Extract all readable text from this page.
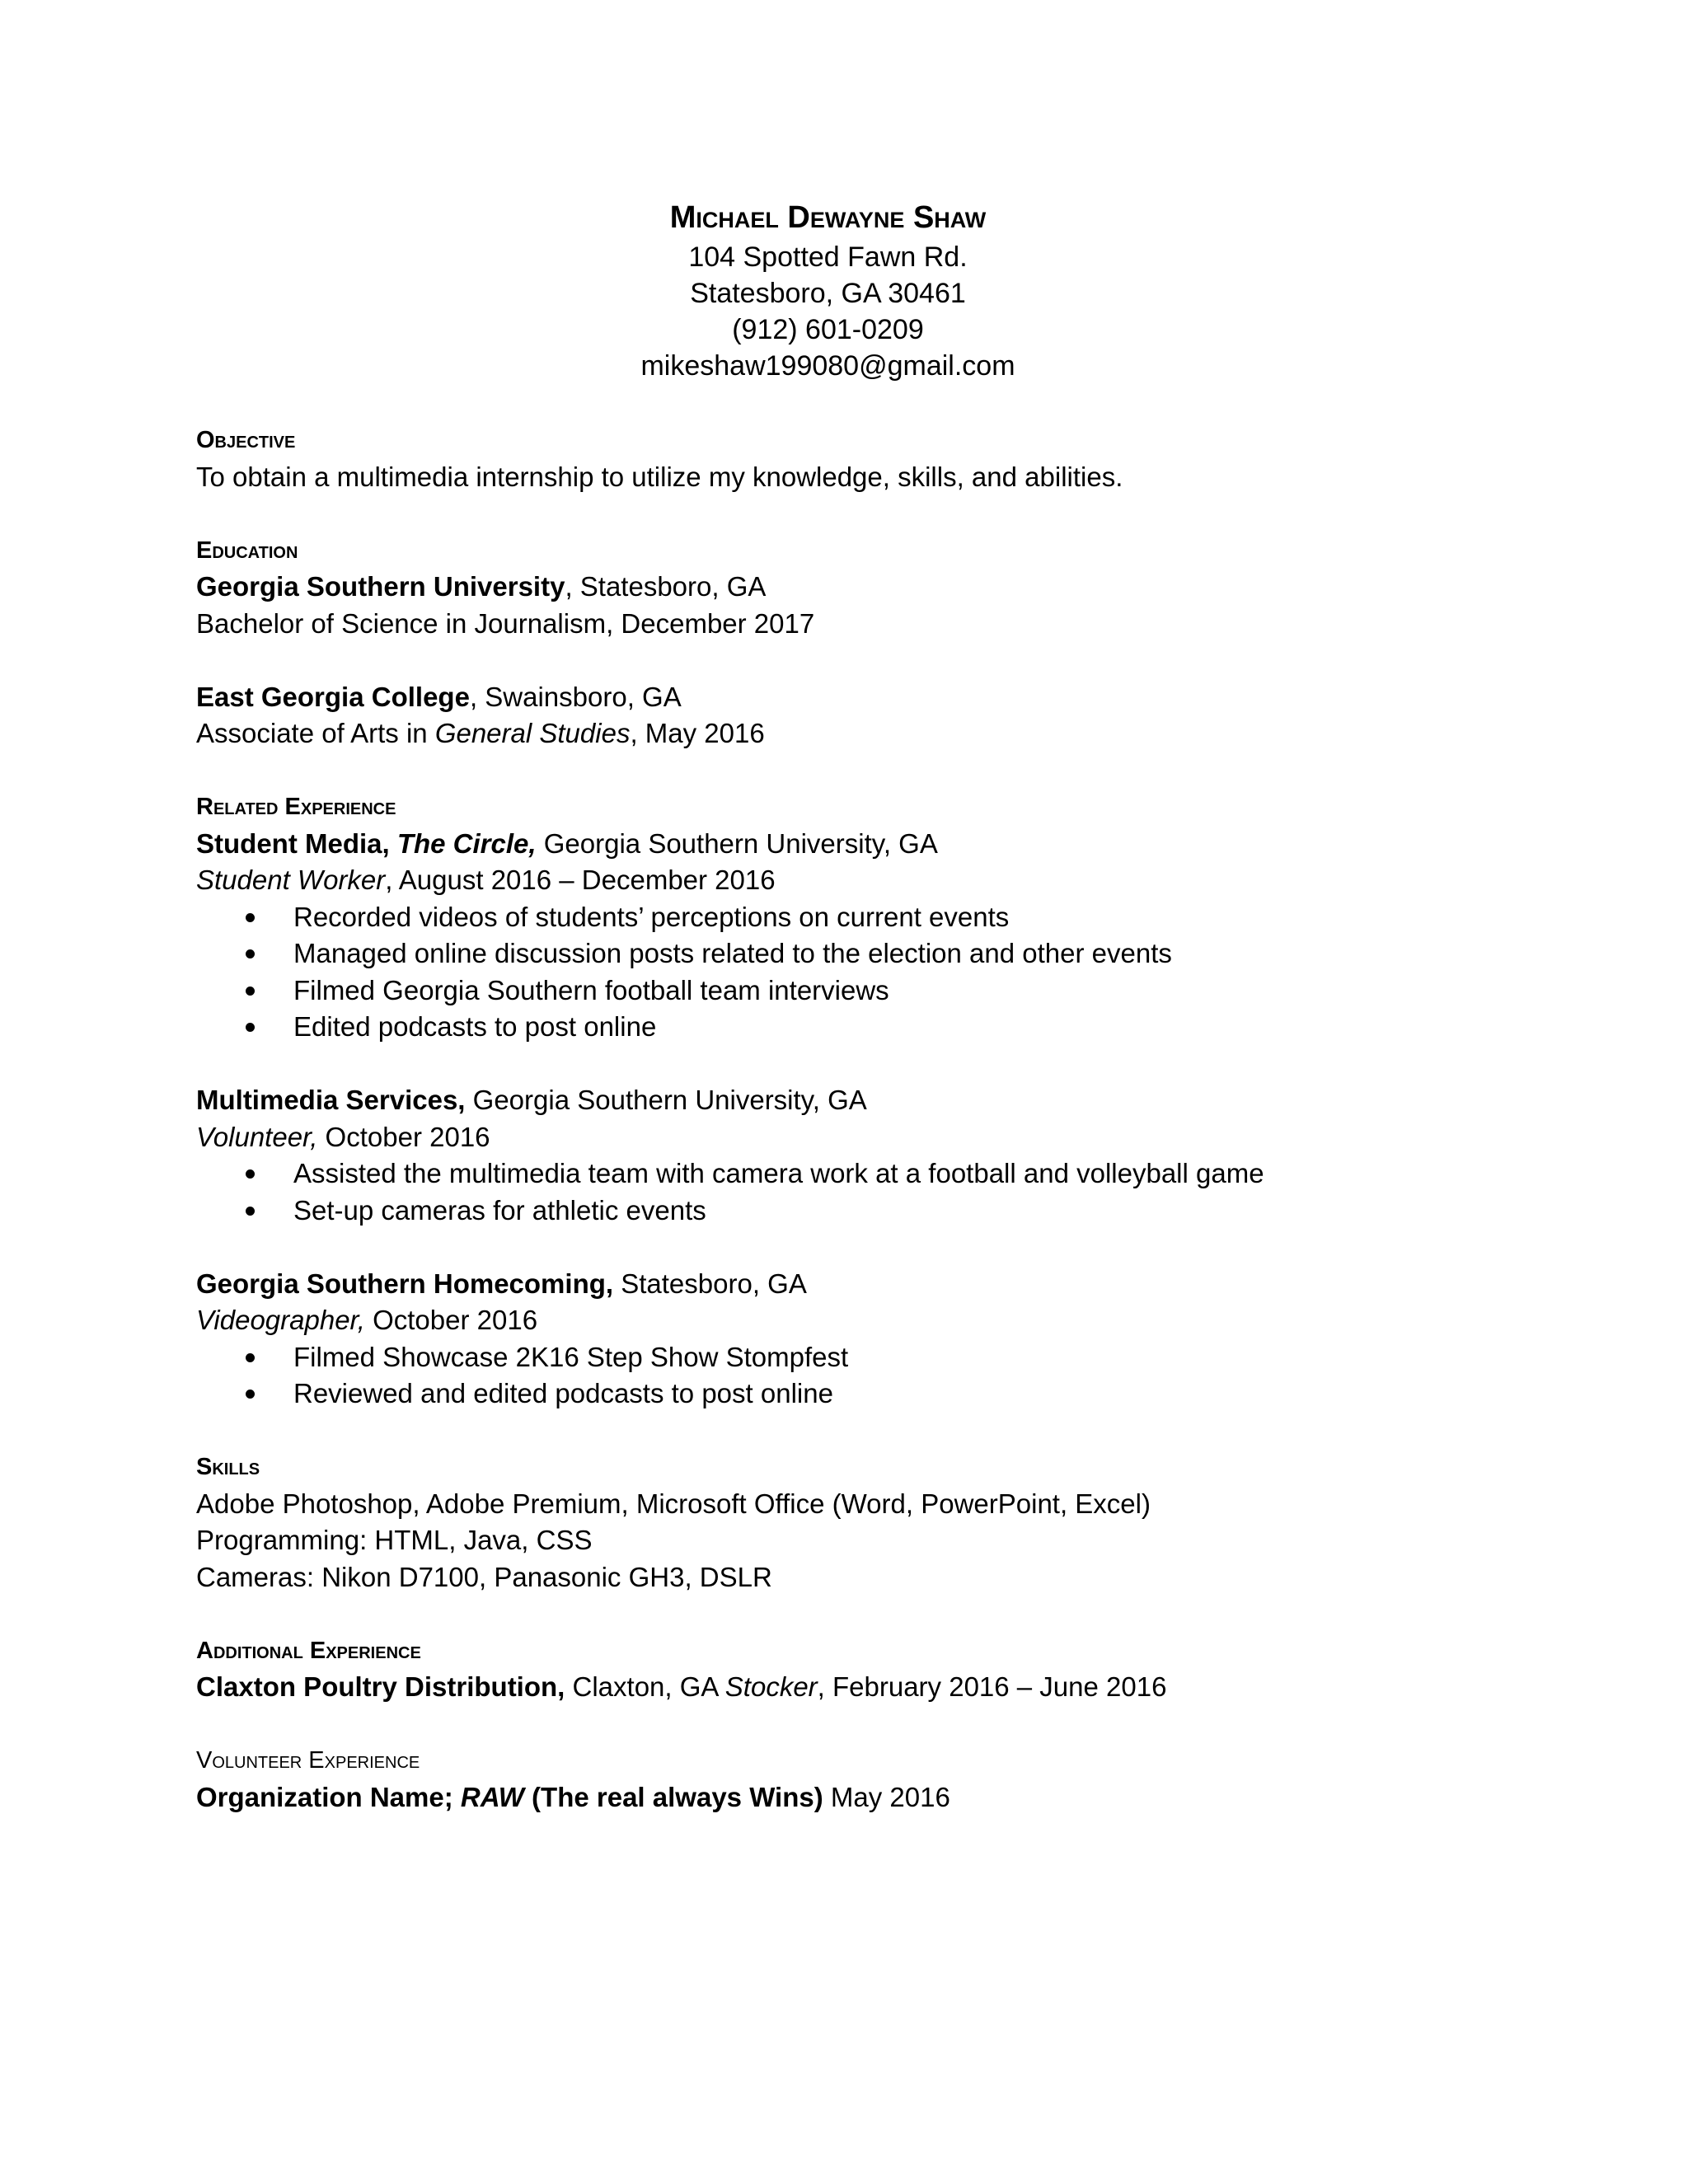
Michael Dewayne Shaw
104 Spotted Fawn Rd.
Statesboro, GA 30461
(912) 601-0209
mikeshaw199080@gmail.com
Objective
To obtain a multimedia internship to utilize my knowledge, skills, and abilities.
Education
Georgia Southern University, Statesboro, GA
Bachelor of Science in Journalism, December 2017
East Georgia College, Swainsboro, GA
Associate of Arts in General Studies, May 2016
Related Experience
Student Media, The Circle, Georgia Southern University, GA
Student Worker, August 2016 – December 2016
Recorded videos of students’ perceptions on current events
Managed online discussion posts related to the election and other events
Filmed Georgia Southern football team interviews
Edited podcasts to post online
Multimedia Services, Georgia Southern University, GA
Volunteer, October 2016
Assisted the multimedia team with camera work at a football and volleyball game
Set-up cameras for athletic events
Georgia Southern Homecoming, Statesboro, GA
Videographer, October 2016
Filmed Showcase 2K16 Step Show Stompfest
Reviewed and edited podcasts to post online
Skills
Adobe Photoshop, Adobe Premium, Microsoft Office (Word, PowerPoint, Excel)
Programming: HTML, Java, CSS
Cameras: Nikon D7100, Panasonic GH3, DSLR
Additional Experience
Claxton Poultry Distribution, Claxton, GA Stocker, February 2016 – June 2016
Volunteer Experience
Organization Name; RAW (The real always Wins) May 2016
